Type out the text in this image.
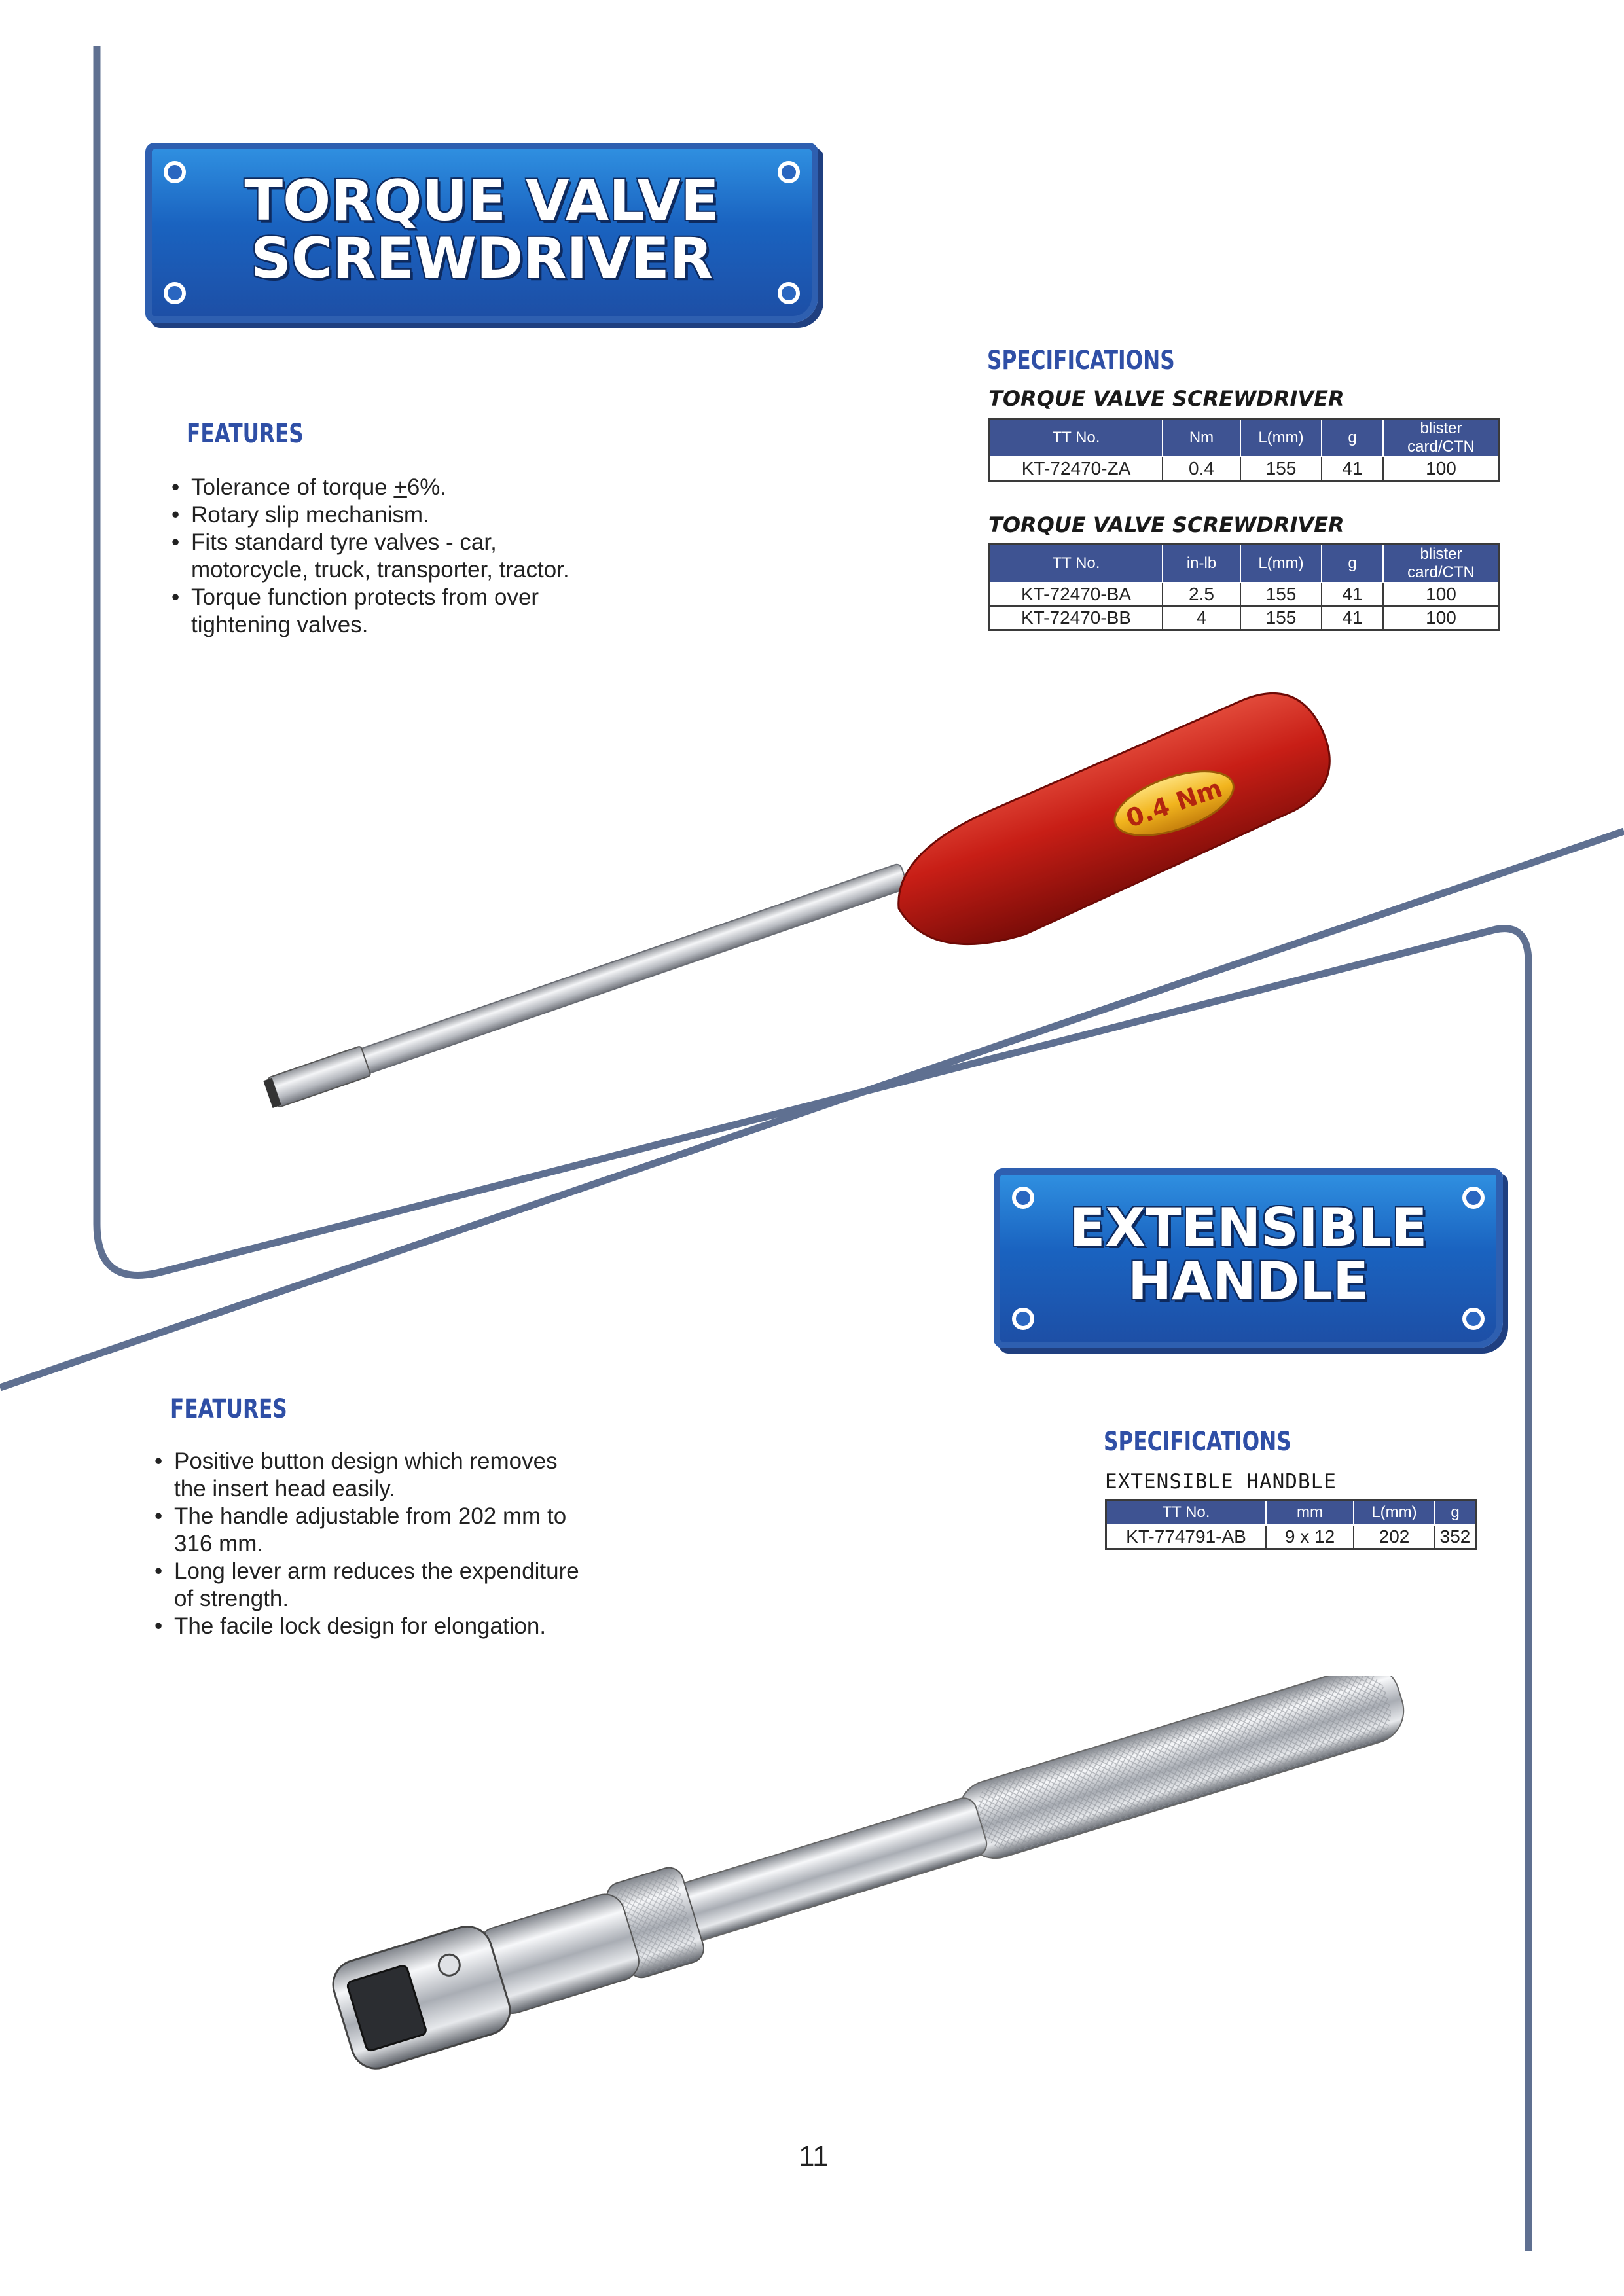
TORQUE VALVE
SCREWDRIVER
FEATURES
• Tolerance of torque +6%.
• Rotary slip mechanism.
• Fits standard tyre valves - car,
motorcycle, truck, transporter, tractor.
• Torque function protects from over
tightening valves.
SPECIFICATIONS
TORQUE VALVE SCREWDRIVER
TT No.	Nm	L(mm)	g	blister card/CTN
KT-72470-ZA	0.4	155	41	100
TORQUE VALVE SCREWDRIVER
TT No.	in-lb	L(mm)	g	blister card/CTN
KT-72470-BA	2.5	155	41	100
KT-72470-BB	4	155	41	100
0.4 Nm
EXTENSIBLE
HANDLE
FEATURES
• Positive button design which removes
the insert head easily.
• The handle adjustable from 202 mm to
316 mm.
• Long lever arm reduces the expenditure
of strength.
• The facile lock design for elongation.
SPECIFICATIONS
EXTENSIBLE HANDBLE
TT No.	mm	L(mm)	g
KT-774791-AB	9 x 12	202	352
11
